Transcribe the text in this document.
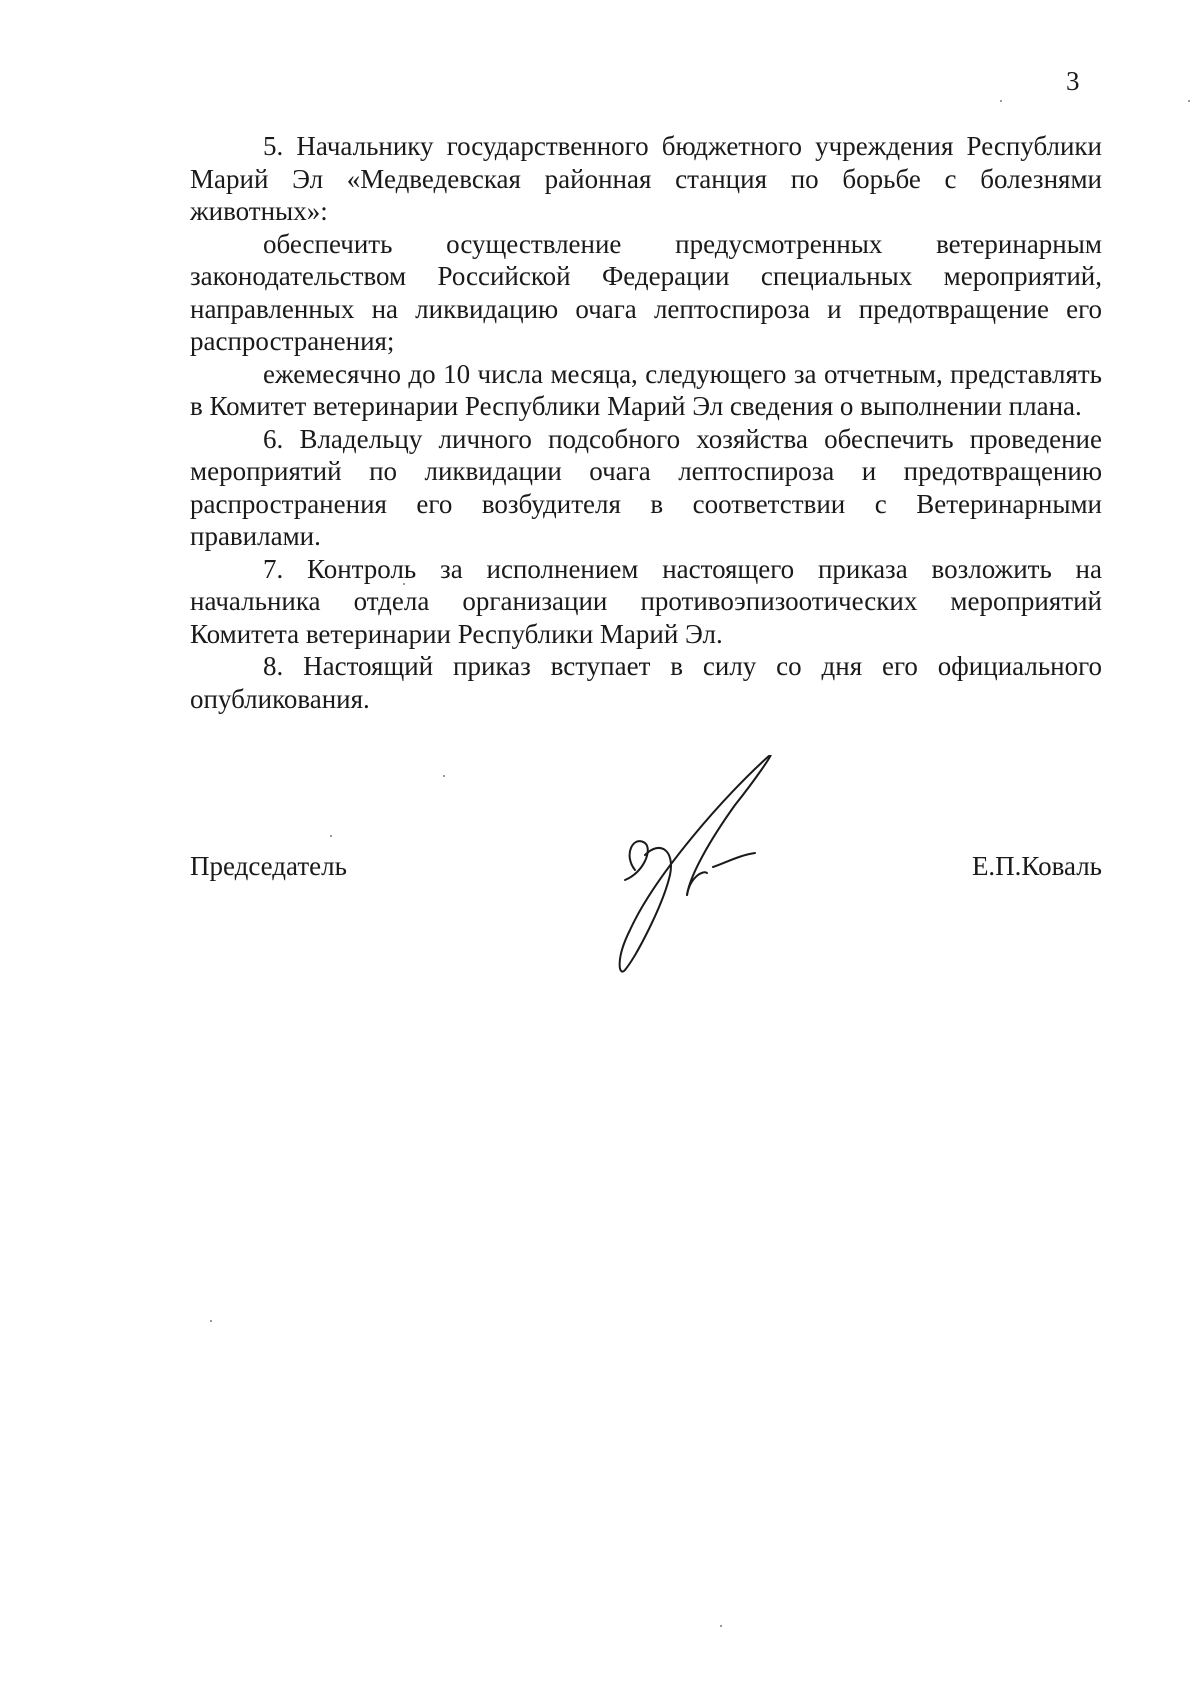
3

5. Начальнику государственного бюджетного учреждения Республики Марий Эл «Медведевская районная станция по борьбе с болезнями животных»:

обеспечить осуществление предусмотренных ветеринарным законодательством Российской Федерации специальных мероприятий, направленных на ликвидацию очага лептоспироза и предотвращение его распространения;

ежемесячно до 10 числа месяца, следующего за отчетным, представлять в Комитет ветеринарии Республики Марий Эл сведения о выполнении плана.

6. Владельцу личного подсобного хозяйства обеспечить проведение мероприятий по ликвидации очага лептоспироза и предотвращению распространения его возбудителя в соответствии с Ветеринарными правилами.

7. Контроль за исполнением настоящего приказа возложить на начальника отдела организации противоэпизоотических мероприятий Комитета ветеринарии Республики Марий Эл.

8. Настоящий приказ вступает в силу со дня его официального опубликования.

Председатель	Е.П.Коваль
